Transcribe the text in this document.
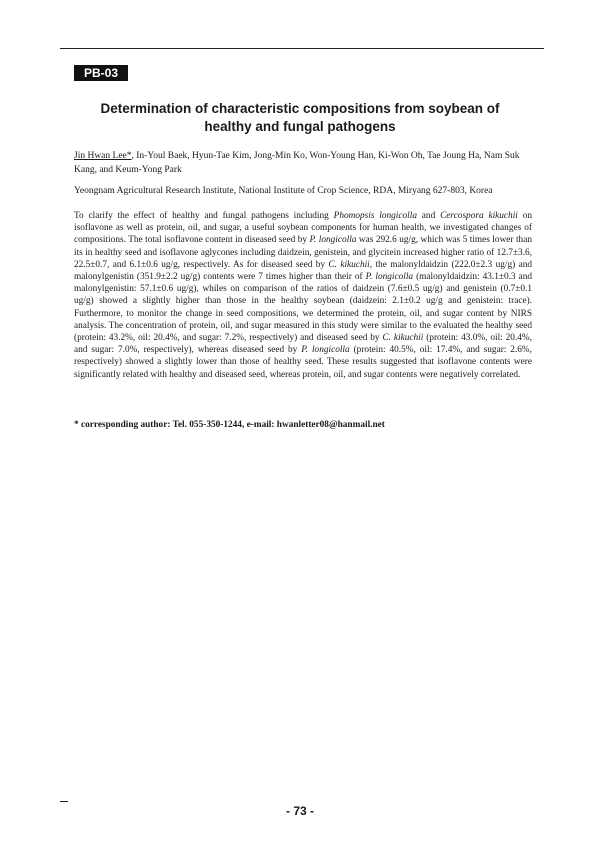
PB-03
Determination of characteristic compositions from soybean of healthy and fungal pathogens
Jin Hwan Lee*, In-Youl Baek, Hyun-Tae Kim, Jong-Min Ko, Won-Young Han, Ki-Won Oh, Tae Joung Ha, Nam Suk Kang, and Keum-Yong Park
Yeongnam Agricultural Research Institute, National Institute of Crop Science, RDA, Miryang 627-803, Korea
To clarify the effect of healthy and fungal pathogens including Phomopsis longicolla and Cercospora kikuchii on isoflavone as well as protein, oil, and sugar, a useful soybean components for human health, we investigated changes of compositions. The total isoflavone content in diseased seed by P. longicolla was 292.6 ug/g, which was 5 times lower than its in healthy seed and isoflavone aglycones including daidzein, genistein, and glycitein increased higher ratio of 12.7±3.6, 22.5±0.7, and 6.1±0.6 ug/g, respectively. As for diseased seed by C. kikuchii, the malonyldaidzin (222.0±2.3 ug/g) and malonylgenistin (351.9±2.2 ug/g) contents were 7 times higher than their of P. longicolla (malonyldaidzin: 43.1±0.3 and malonylgenistin: 57.1±0.6 ug/g), whiles on comparison of the ratios of daidzein (7.6±0.5 ug/g) and genistein (0.7±0.1 ug/g) showed a slightly higher than those in the healthy soybean (daidzein: 2.1±0.2 ug/g and genistein: trace). Furthermore, to monitor the change in seed compositions, we determined the protein, oil, and sugar content by NIRS analysis. The concentration of protein, oil, and sugar measured in this study were similar to the evaluated the healthy seed (protein: 43.2%, oil: 20.4%, and sugar: 7.2%, respectively) and diseased seed by C. kikuchii (protein: 43.0%, oil: 20.4%, and sugar: 7.0%, respectively), whereas diseased seed by P. longicolla (protein: 40.5%, oil: 17.4%, and sugar: 2.6%, respectively) showed a slightly lower than those of healthy seed. These results suggested that isoflavone contents were significantly related with healthy and diseased seed, whereas protein, oil, and sugar contents were negatively correlated.
* corresponding author: Tel. 055-350-1244, e-mail: hwanletter08@hanmail.net
- 73 -
